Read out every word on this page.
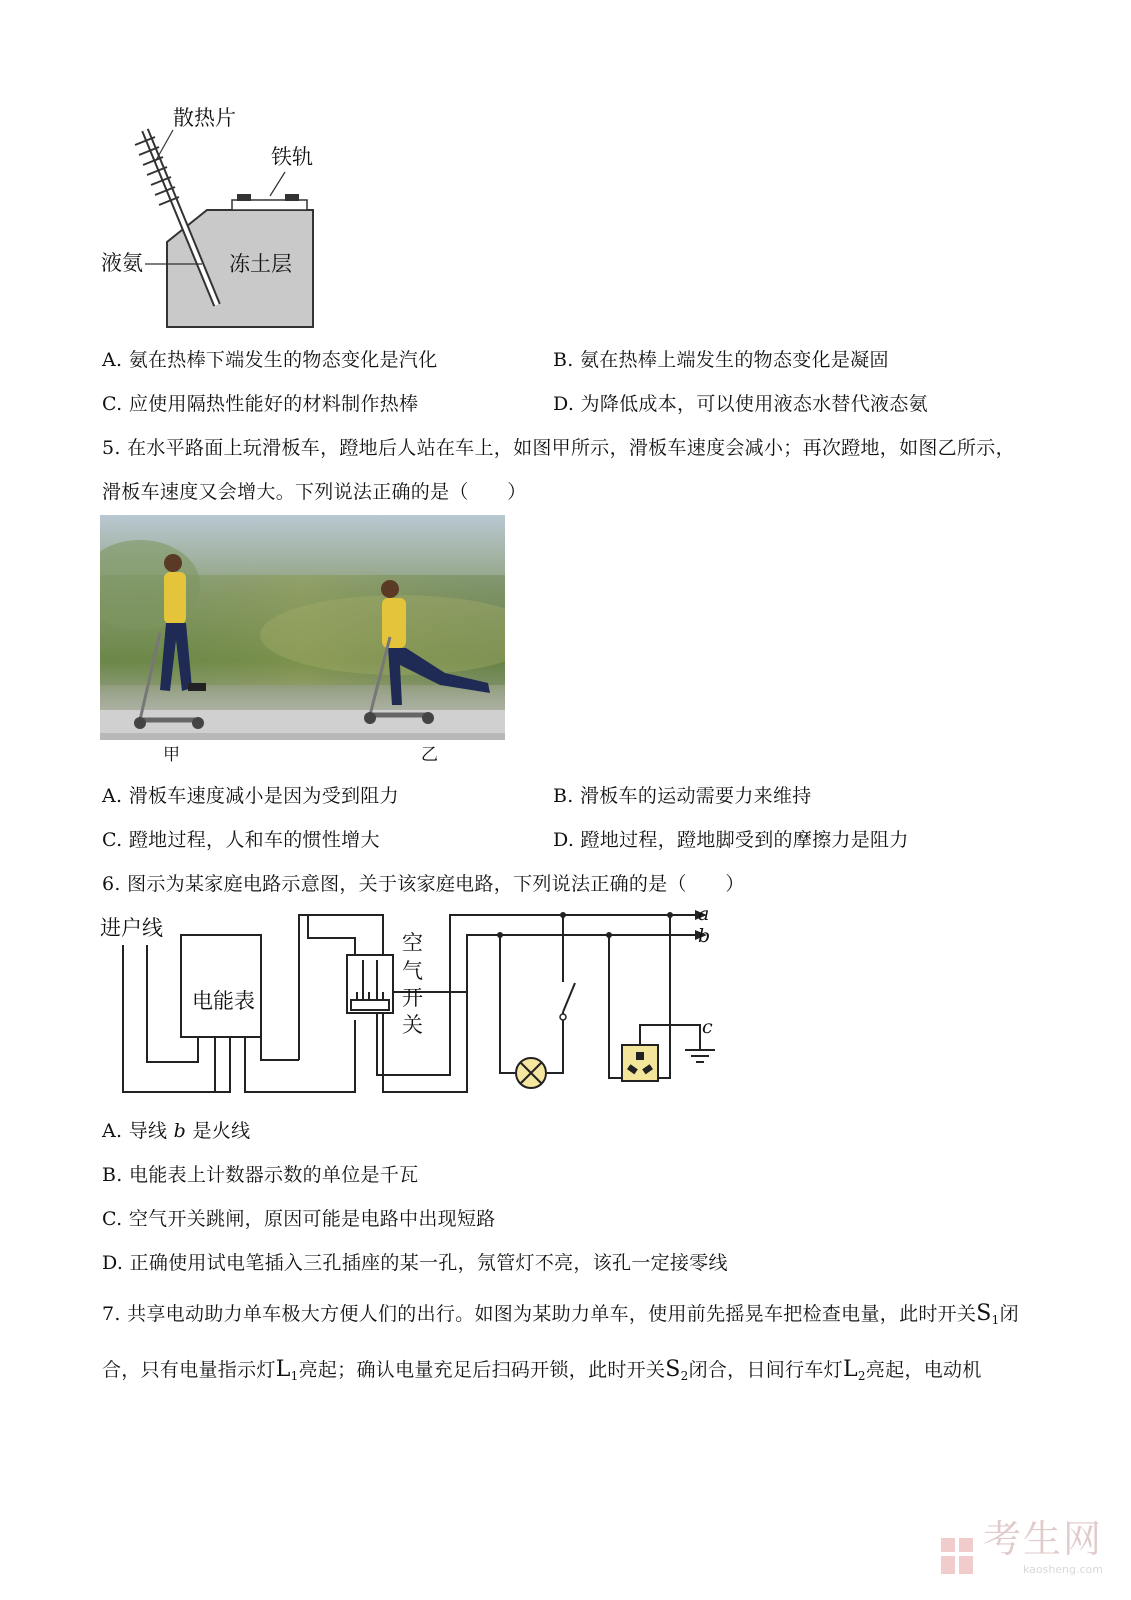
散热片
铁轨
液氨	冻土层
A. 氨在热棒下端发生的物态变化是汽化	B. 氨在热棒上端发生的物态变化是凝固
C. 应使用隔热性能好的材料制作热棒	D. 为降低成本，可以使用液态水替代液态氨
5. 在水平路面上玩滑板车，蹬地后人站在车上，如图甲所示，滑板车速度会减小；再次蹬地，如图乙所示，
滑板车速度又会增大。下列说法正确的是（　　）
甲	乙
A. 滑板车速度减小是因为受到阻力	B. 滑板车的运动需要力来维持
C. 蹬地过程，人和车的惯性增大	D. 蹬地过程，蹬地脚受到的摩擦力是阻力
6. 图示为某家庭电路示意图，关于该家庭电路，下列说法正确的是（　　）
进户线
电能表
空
气
开
关
a
b
c
A. 导线 b 是火线
B. 电能表上计数器示数的单位是千瓦
C. 空气开关跳闸，原因可能是电路中出现短路
D. 正确使用试电笔插入三孔插座的某一孔，氖管灯不亮，该孔一定接零线
7. 共享电动助力单车极大方便人们的出行。如图为某助力单车，使用前先摇晃车把检查电量，此时开关$S_1$闭
合，只有电量指示灯$L_1$亮起；确认电量充足后扫码开锁，此时开关$S_2$闭合，日间行车灯$L_2$亮起，电动机
考生网
kaosheng.com
